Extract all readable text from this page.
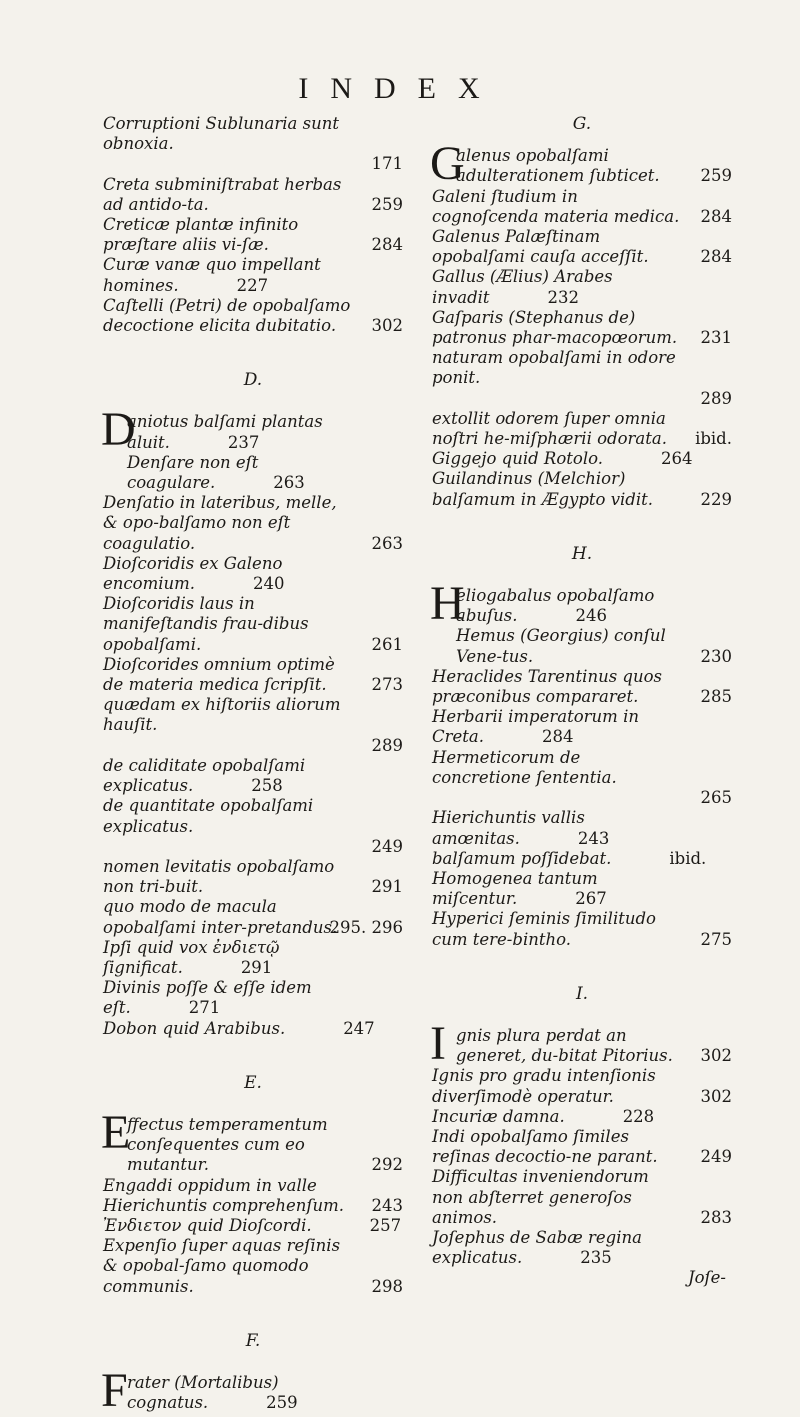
INDEX
Corruptioni Sublunaria sunt obnoxia.
171
Creta subminiſtrabat herbas ad antido-ta.	259
Creticæ plantæ infinito præſtare aliis vi-ſæ.	284
Curæ vanæ quo impellant homines.	227
Caſtelli (Petri) de opobalſamo decoctione elicita dubitatio.	302
D.
D
aniotus balſami plantas aluit.	237
Denſare non eſt coagulare.	263
Denſatio in lateribus, melle, & opo-balſamo non eſt coagulatio.	263
Dioſcoridis ex Galeno encomium.	240
Dioſcoridis laus in manifeſtandis frau-dibus opobalſami.	261
Dioſcorides omnium optimè de materia medica ſcripſit.	273
quædam ex hiſtoriis aliorum hauſit.
289
de caliditate opobalſami explicatus.	258
de quantitate opobalſami explicatus.
249
nomen levitatis opobalſamo non tri-buit.	291
quo modo de macula opobalſami inter-pretandus.
295. 296
Ipſi quid vox ἐνδιετῷ ſignificat.	291
Divinis poſſe & eſſe idem eſt.	271
Dobon quid Arabibus.	247
E.
E
ffectus temperamentum conſequentes cum eo mutantur.	292
Engaddi oppidum in valle Hierichuntis comprehenſum.	243
Ἐνδιετον quid Dioſcordi.	257
Expenſio ſuper aquas reſinis & opobal-ſamo quomodo communis.	298
F.
F rater (Mortalibus) cognatus.	259
G.
G
alenus opobalſami adulterationem ſubticet.	259
Galeni ſtudium in cognoſcenda materia medica.	284
Galenus Palæſtinam opobalſami cauſa acceſſit.	284
Gallus (Ælius) Arabes invadit	232
Gaſparis (Stephanus de) patronus phar-macopœorum.	231
naturam opobalſami in odore ponit.
289
extollit odorem ſuper omnia noſtri he-miſphærii odorata.	ibid.
Giggejo quid Rotolo.	264
Guilandinus (Melchior) balſamum in Ægypto vidit.	229
H.
H
eliogabalus opobalſamo abuſus.	246
Hemus (Georgius) conſul Vene-tus.	230
Heraclides Tarentinus quos præconibus compararet.	285
Herbarii imperatorum in Creta.	284
Hermeticorum de concretione ſententia.
265
Hierichuntis vallis amœnitas.	243
balſamum poſſidebat.	ibid.
Homogenea tantum miſcentur.	267
Hyperici ſeminis ſimilitudo cum tere-bintho.	275
I.
I gnis plura perdat an generet, du-bitat Pitorius.	302
Ignis pro gradu intenſionis diverſimodè operatur.	302
Incuriæ damna.	228
Indi opobalſamo ſimiles reſinas decoctio-ne parant.	249
Difficultas inveniendorum non abſterret generoſos animos.	283
Joſephus de Sabæ regina explicatus.	235
Joſe-
